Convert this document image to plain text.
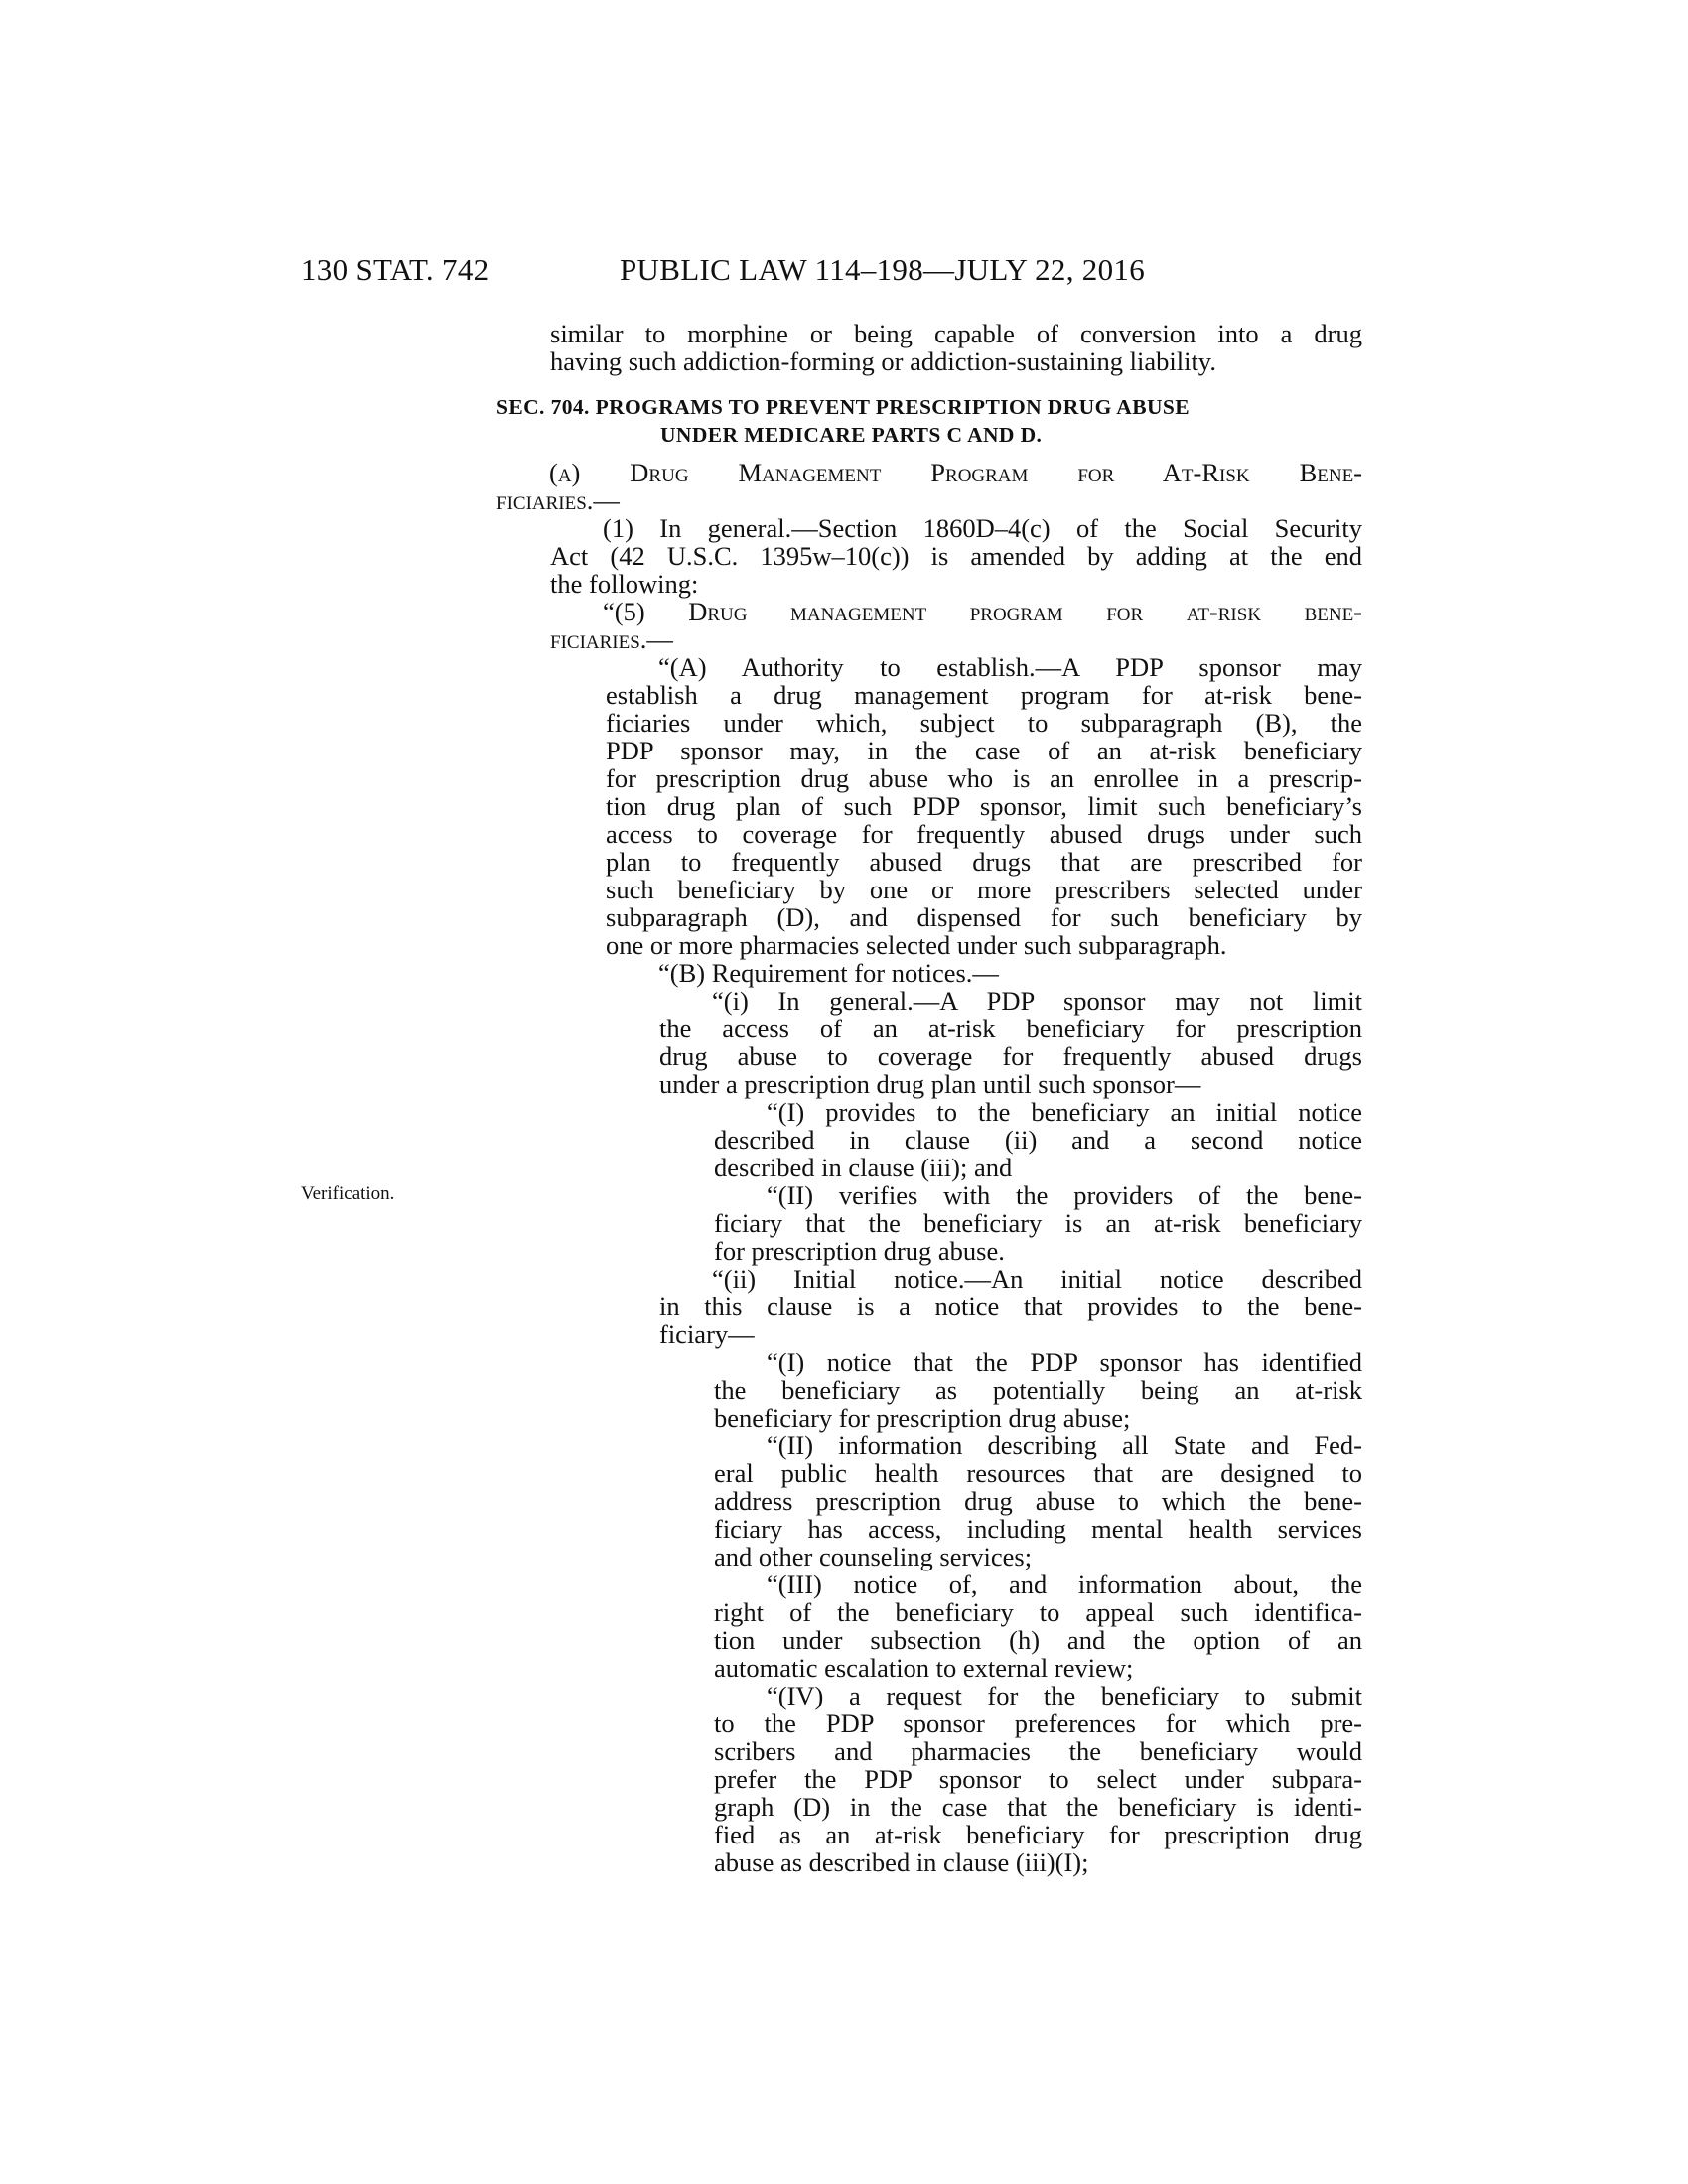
130 STAT. 742	PUBLIC LAW 114–198—JULY 22, 2016
similar to morphine or being capable of conversion into a drug
having such addiction-forming or addiction-sustaining liability.
SEC. 704. PROGRAMS TO PREVENT PRESCRIPTION DRUG ABUSE
UNDER MEDICARE PARTS C AND D.
Verification.
(a) Drug Management Program for At-Risk Bene-
ficiaries.—
(1) In general.—Section 1860D–4(c) of the Social Security
Act (42 U.S.C. 1395w–10(c)) is amended by adding at the end
the following:
“(5) Drug management program for at-risk bene-
ficiaries.—
“(A) Authority to establish.—A PDP sponsor may
establish a drug management program for at-risk bene-
ficiaries under which, subject to subparagraph (B), the
PDP sponsor may, in the case of an at-risk beneficiary
for prescription drug abuse who is an enrollee in a prescrip-
tion drug plan of such PDP sponsor, limit such beneficiary’s
access to coverage for frequently abused drugs under such
plan to frequently abused drugs that are prescribed for
such beneficiary by one or more prescribers selected under
subparagraph (D), and dispensed for such beneficiary by
one or more pharmacies selected under such subparagraph.
“(B) Requirement for notices.—
“(i) In general.—A PDP sponsor may not limit
the access of an at-risk beneficiary for prescription
drug abuse to coverage for frequently abused drugs
under a prescription drug plan until such sponsor—
“(I) provides to the beneficiary an initial notice
described in clause (ii) and a second notice
described in clause (iii); and
“(II) verifies with the providers of the bene-
ficiary that the beneficiary is an at-risk beneficiary
for prescription drug abuse.
“(ii) Initial notice.—An initial notice described
in this clause is a notice that provides to the bene-
ficiary—
“(I) notice that the PDP sponsor has identified
the beneficiary as potentially being an at-risk
beneficiary for prescription drug abuse;
“(II) information describing all State and Fed-
eral public health resources that are designed to
address prescription drug abuse to which the bene-
ficiary has access, including mental health services
and other counseling services;
“(III) notice of, and information about, the
right of the beneficiary to appeal such identifica-
tion under subsection (h) and the option of an
automatic escalation to external review;
“(IV) a request for the beneficiary to submit
to the PDP sponsor preferences for which pre-
scribers and pharmacies the beneficiary would
prefer the PDP sponsor to select under subpara-
graph (D) in the case that the beneficiary is identi-
fied as an at-risk beneficiary for prescription drug
abuse as described in clause (iii)(I);
